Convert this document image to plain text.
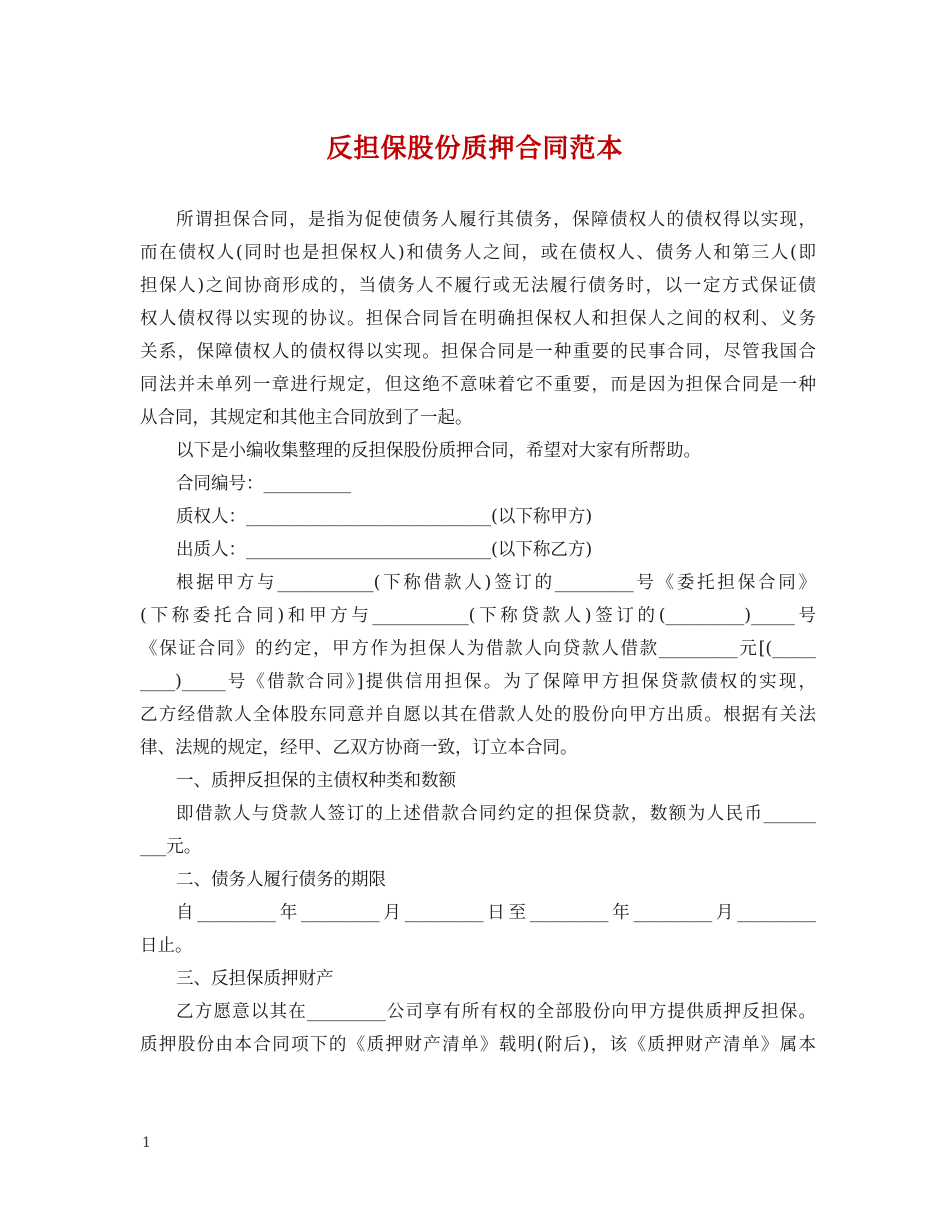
反担保股份质押合同范本
所谓担保合同，是指为促使债务人履行其债务，保障债权人的债权得以实现，
而在债权人(同时也是担保权人)和债务人之间，或在债权人、债务人和第三人(即
担保人)之间协商形成的，当债务人不履行或无法履行债务时，以一定方式保证债
权人债权得以实现的协议。担保合同旨在明确担保权人和担保人之间的权利、义务
关系，保障债权人的债权得以实现。担保合同是一种重要的民事合同，尽管我国合
同法并未单列一章进行规定，但这绝不意味着它不重要，而是因为担保合同是一种
从合同，其规定和其他主合同放到了一起。
以下是小编收集整理的反担保股份质押合同，希望对大家有所帮助。
合同编号：__________
质权人：____________________________(以下称甲方)
出质人：____________________________(以下称乙方)
根据甲方与___________(下称借款人)签订的_________号《委托担保合同》
(下称委托合同)和甲方与___________(下称贷款人)签订的(_________)_____号
《保证合同》的约定，甲方作为担保人为借款人向贷款人借款_________元[(_____
____)_____号《借款合同》]提供信用担保。为了保障甲方担保贷款债权的实现，
乙方经借款人全体股东同意并自愿以其在借款人处的股份向甲方出质。根据有关法
律、法规的规定，经甲、乙双方协商一致，订立本合同。
一、质押反担保的主债权种类和数额
即借款人与贷款人签订的上述借款合同约定的担保贷款，数额为人民币______
___元。
二、债务人履行债务的期限
自_________年_________月_________日至_________年_________月_________
日止。
三、反担保质押财产
乙方愿意以其在_________公司享有所有权的全部股份向甲方提供质押反担保。
质押股份由本合同项下的《质押财产清单》载明(附后)，该《质押财产清单》属本
1
